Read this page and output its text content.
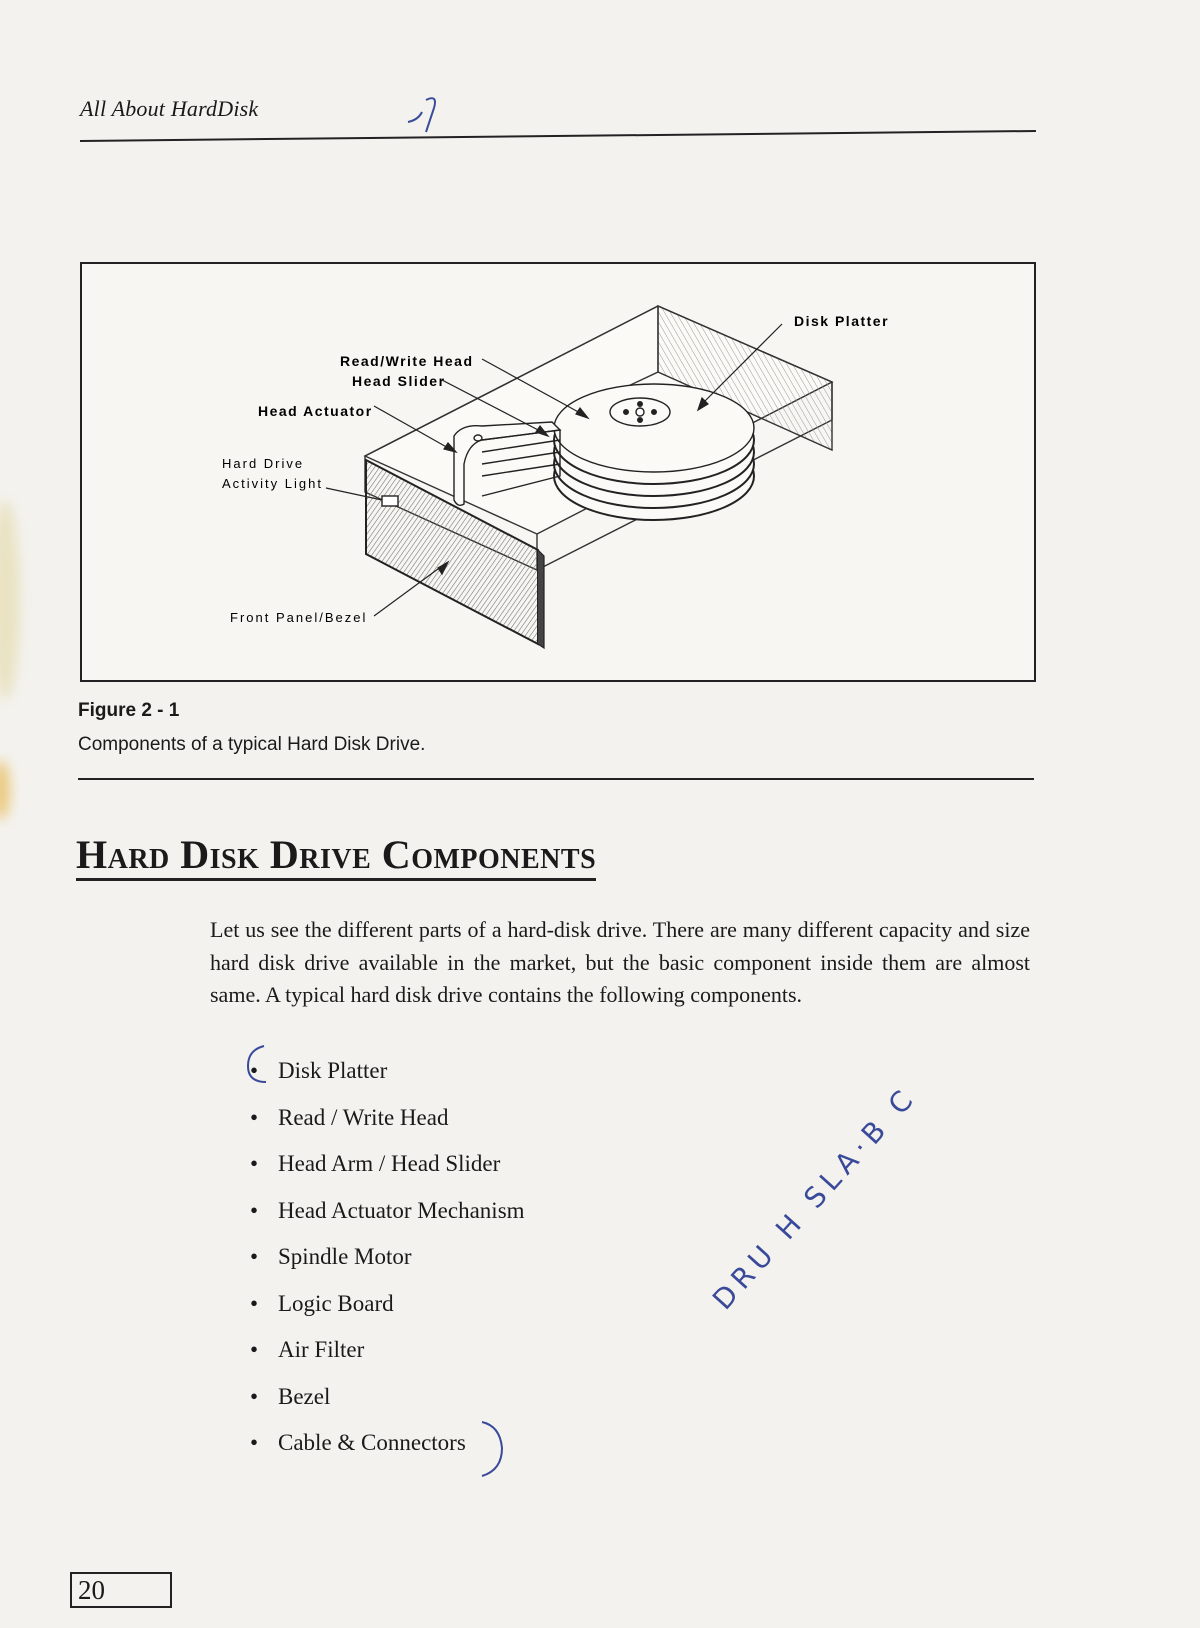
All About HardDisk
Disk Platter
Read/Write Head
Head Slider
Head Actuator
Hard Drive
Activity Light
Front Panel/Bezel
Figure 2 - 1
Components of a typical Hard Disk Drive.
Hard Disk Drive Components

Let us see the different parts of a hard-disk drive. There are many different capacity and size hard disk drive available in the market, but the basic component inside them are almost same. A typical hard disk drive contains the following components.

• Disk Platter
• Read / Write Head
• Head Arm / Head Slider
• Head Actuator Mechanism
• Spindle Motor
• Logic Board
• Air Filter
• Bezel
• Cable & Connectors
DRU H SLA·B C
20
